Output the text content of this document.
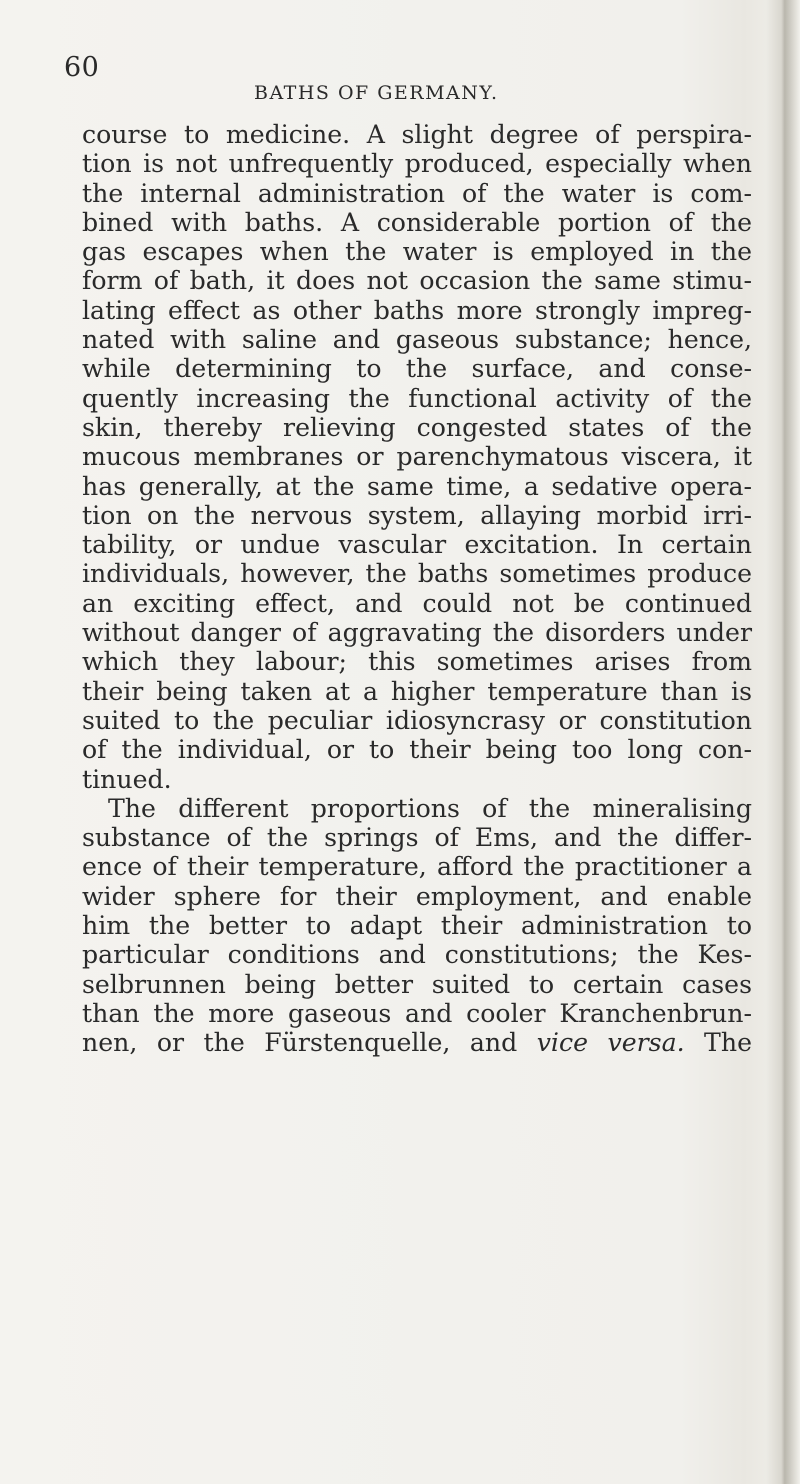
60
BATHS OF GERMANY.
course to medicine. A slight degree of perspira-
tion is not unfrequently produced, especially when
the internal administration of the water is com-
bined with baths. A considerable portion of the
gas escapes when the water is employed in the
form of bath, it does not occasion the same stimu-
lating effect as other baths more strongly impreg-
nated with saline and gaseous substance; hence,
while determining to the surface, and conse-
quently increasing the functional activity of the
skin, thereby relieving congested states of the
mucous membranes or parenchymatous viscera, it
has generally, at the same time, a sedative opera-
tion on the nervous system, allaying morbid irri-
tability, or undue vascular excitation. In certain
individuals, however, the baths sometimes produce
an exciting effect, and could not be continued
without danger of aggravating the disorders under
which they labour; this sometimes arises from
their being taken at a higher temperature than is
suited to the peculiar idiosyncrasy or constitution
of the individual, or to their being too long con-
tinued.
The different proportions of the mineralising
substance of the springs of Ems, and the differ-
ence of their temperature, afford the practitioner a
wider sphere for their employment, and enable
him the better to adapt their administration to
particular conditions and constitutions; the Kes-
selbrunnen being better suited to certain cases
than the more gaseous and cooler Kranchenbrun-
nen, or the Fürstenquelle, and vice versa. The
